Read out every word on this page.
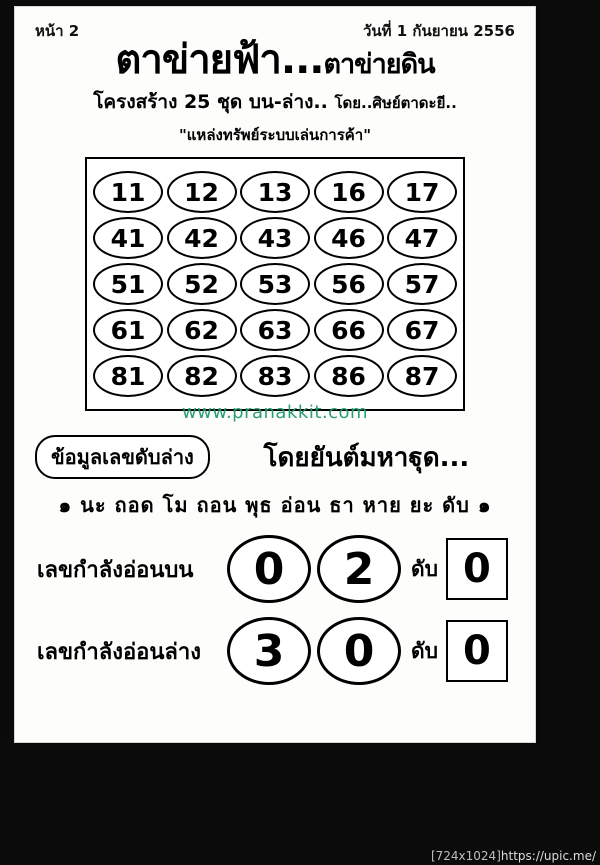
หน้า 2	วันที่ 1 กันยายน 2556
ตาข่ายฟ้า...ตาข่ายดิน
โครงสร้าง 25 ชุด บน-ล่าง.. โดย..ศิษย์ตาดะยี..
"แหล่งทรัพย์ระบบเล่นการค้า"
11	12	13	16	17
41	42	43	46	47
51	52	53	56	57
61	62	63	66	67
81	82	83	86	87
www.pranakkit.com
ข้อมูลเลขดับล่าง	โดยยันต์มหาฐุด...
๑ นะ ถอด โม ถอน พุธ อ่อน ธา หาย ยะ ดับ ๑
เลขกำลังอ่อนบน	0	2	ดับ 0
เลขกำลังอ่อนล่าง	3	0	ดับ 0
[724x1024]https://upic.me/
